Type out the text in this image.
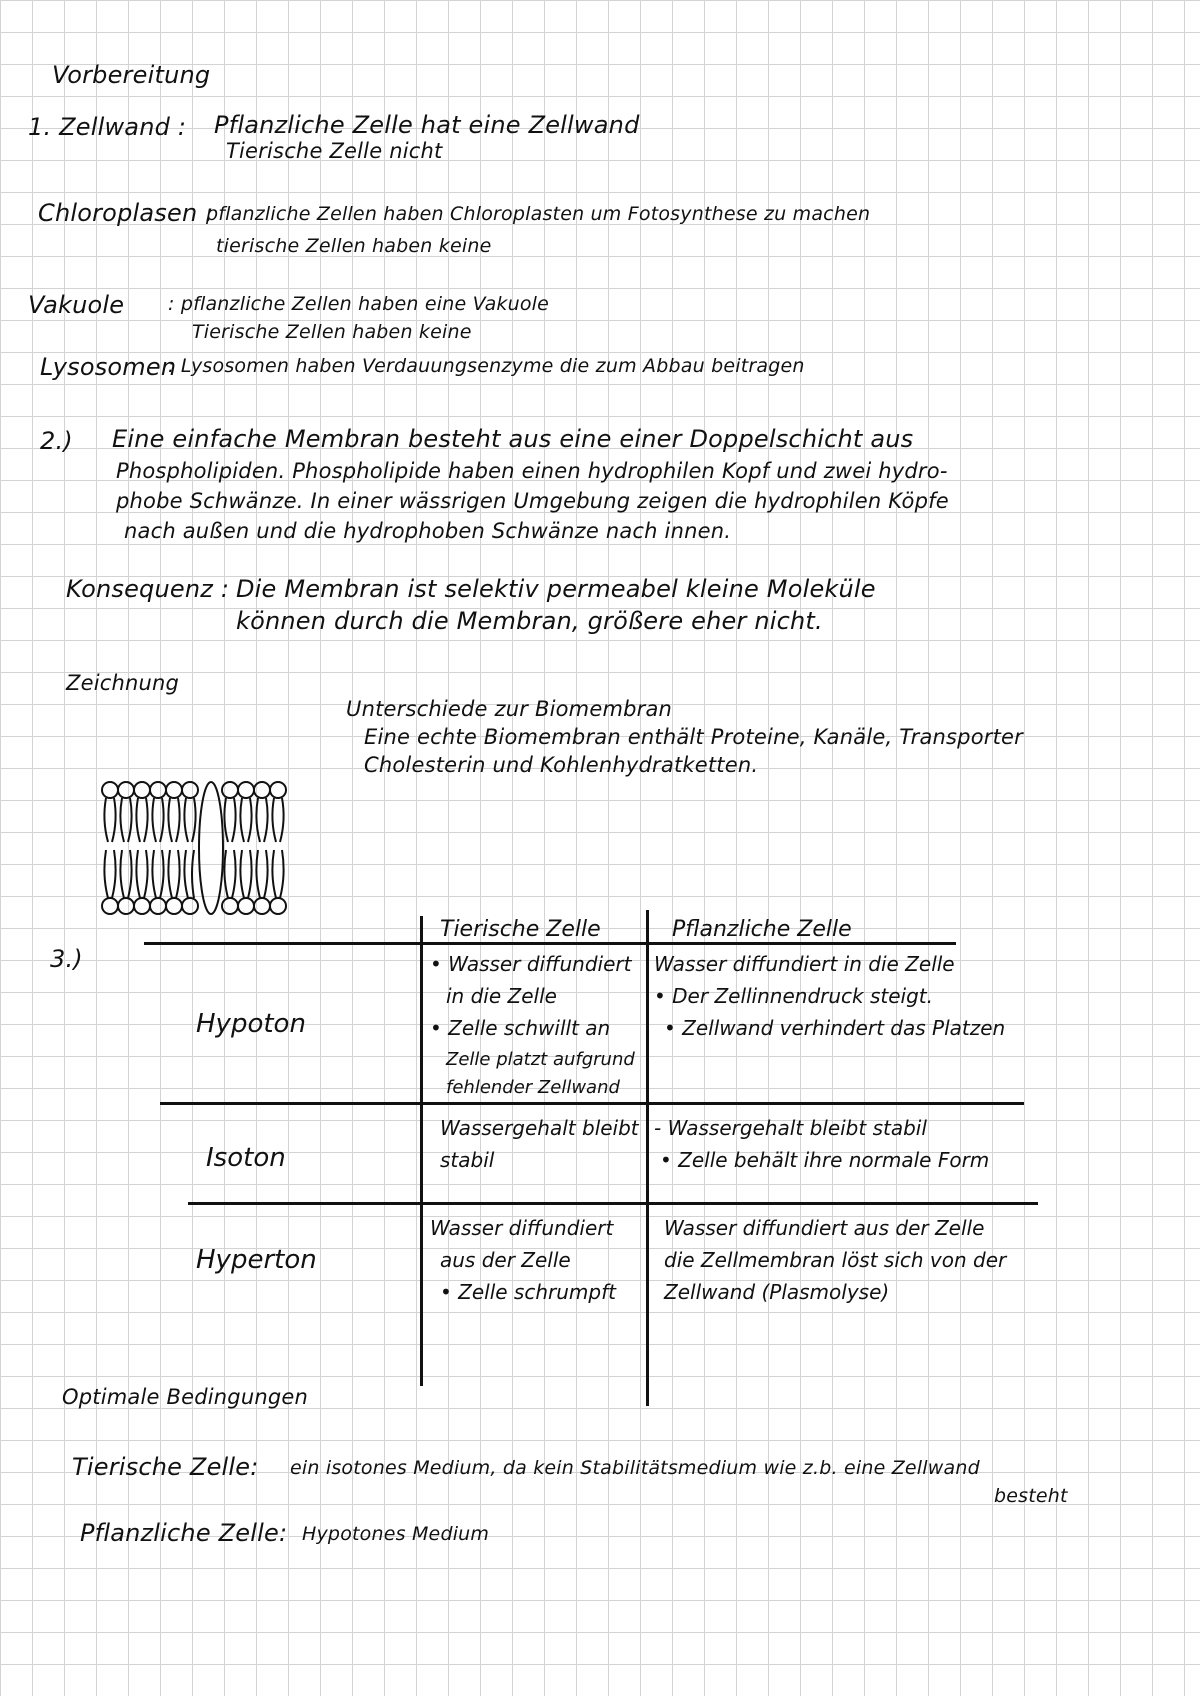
Vorbereitung
1. Zellwand : Pflanzliche Zelle hat eine Zellwand
Tierische Zelle nicht
Chloroplasen :
pflanzliche Zellen haben Chloroplasten um Fotosynthese zu machen
tierische Zellen haben keine
Vakuole : pflanzliche Zellen haben eine Vakuole
Tierische Zellen haben keine
Lysosomen
: Lysosomen haben Verdauungsenzyme die zum Abbau beitragen
2.) Eine einfache Membran besteht aus eine einer Doppelschicht aus
Phospholipiden. Phospholipide haben einen hydrophilen Kopf und zwei hydro-
phobe Schwänze. In einer wässrigen Umgebung zeigen die hydrophilen Köpfe
nach außen und die hydrophoben Schwänze nach innen.
Konsequenz : Die Membran ist selektiv permeabel kleine Moleküle
können durch die Membran, größere eher nicht.
Zeichnung
Unterschiede zur Biomembran
Eine echte Biomembran enthält Proteine, Kanäle, Transporter
Cholesterin und Kohlenhydratketten.
3.)
Tierische Zelle	Pflanzliche Zelle
Hypoton
• Wasser diffundiert
in die Zelle
• Zelle schwillt an
Zelle platzt aufgrund
fehlender Zellwand
Wasser diffundiert in die Zelle
• Der Zellinnendruck steigt.
• Zellwand verhindert das Platzen
Isoton
Wassergehalt bleibt
stabil
- Wassergehalt bleibt stabil
• Zelle behält ihre normale Form
Hyperton
Wasser diffundiert
aus der Zelle
• Zelle schrumpft
Wasser diffundiert aus der Zelle
die Zellmembran löst sich von der
Zellwand (Plasmolyse)
Optimale Bedingungen
Tierische Zelle: ein isotones Medium, da kein Stabilitätsmedium wie z.b. eine Zellwand
besteht
Pflanzliche Zelle: Hypotones Medium
